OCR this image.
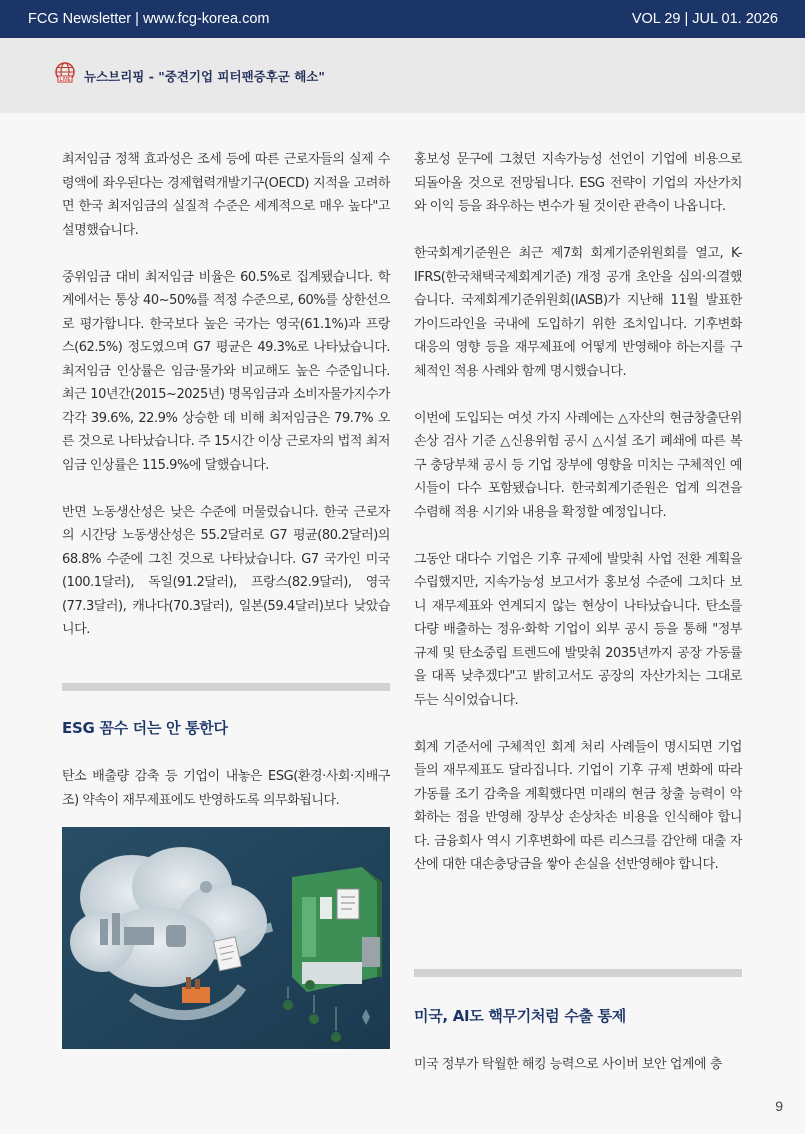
FCG Newsletter | www.fcg-korea.com	VOL 29 | JUL 01. 2026
LIVE 뉴스브리핑 - "중견기업 피터팬증후군 해소"

최저임금 정책 효과성은 조세 등에 따른 근로자들의 실제 수령액에 좌우된다는 경제협력개발기구(OECD) 지적을 고려하면 한국 최저임금의 실질적 수준은 세계적으로 매우 높다"고 설명했습니다.

중위임금 대비 최저임금 비율은 60.5%로 집계됐습니다. 학계에서는 통상 40~50%를 적정 수준으로, 60%를 상한선으로 평가합니다. 한국보다 높은 국가는 영국(61.1%)과 프랑스(62.5%) 정도였으며 G7 평균은 49.3%로 나타났습니다. 최저임금 인상률은 임금·물가와 비교해도 높은 수준입니다. 최근 10년간(2015~2025년) 명목임금과 소비자물가지수가 각각 39.6%, 22.9% 상승한 데 비해 최저임금은 79.7% 오른 것으로 나타났습니다. 주 15시간 이상 근로자의 법적 최저임금 인상률은 115.9%에 달했습니다.

반면 노동생산성은 낮은 수준에 머물렀습니다. 한국 근로자의 시간당 노동생산성은 55.2달러로 G7 평균(80.2달러)의 68.8% 수준에 그친 것으로 나타났습니다. G7 국가인 미국(100.1달러), 독일(91.2달러), 프랑스(82.9달러), 영국(77.3달러), 캐나다(70.3달러), 일본(59.4달러)보다 낮았습니다.

ESG 꼼수 더는 안 통한다

탄소 배출량 감축 등 기업이 내놓은 ESG(환경·사회·지배구조) 약속이 재무제표에도 반영하도록 의무화됩니다.

홍보성 문구에 그쳤던 지속가능성 선언이 기업에 비용으로 되돌아올 것으로 전망됩니다. ESG 전략이 기업의 자산가치와 이익 등을 좌우하는 변수가 될 것이란 관측이 나옵니다.

한국회계기준원은 최근 제7회 회계기준위원회를 열고, K-IFRS(한국채택국제회계기준) 개정 공개 초안을 심의·의결했습니다. 국제회계기준위원회(IASB)가 지난해 11월 발표한 가이드라인을 국내에 도입하기 위한 조치입니다. 기후변화 대응의 영향 등을 재무제표에 어떻게 반영해야 하는지를 구체적인 적용 사례와 함께 명시했습니다.

이번에 도입되는 여섯 가지 사례에는 △자산의 현금창출단위 손상 검사 기준 △신용위험 공시 △시설 조기 폐쇄에 따른 복구 충당부채 공시 등 기업 장부에 영향을 미치는 구체적인 예시들이 다수 포함됐습니다. 한국회계기준원은 업계 의견을 수렴해 적용 시기와 내용을 확정할 예정입니다.

그동안 대다수 기업은 기후 규제에 발맞춰 사업 전환 계획을 수립했지만, 지속가능성 보고서가 홍보성 수준에 그치다 보니 재무제표와 연계되지 않는 현상이 나타났습니다. 탄소를 다량 배출하는 정유·화학 기업이 외부 공시 등을 통해 "정부 규제 및 탄소중립 트렌드에 발맞춰 2035년까지 공장 가동률을 대폭 낮추겠다"고 밝히고서도 공장의 자산가치는 그대로 두는 식이었습니다.

회계 기준서에 구체적인 회계 처리 사례들이 명시되면 기업들의 재무제표도 달라집니다. 기업이 기후 규제 변화에 따라 가동률 조기 감축을 계획했다면 미래의 현금 창출 능력이 악화하는 점을 반영해 장부상 손상차손 비용을 인식해야 합니다. 금융회사 역시 기후변화에 따른 리스크를 감안해 대출 자산에 대한 대손충당금을 쌓아 손실을 선반영해야 합니다.

미국, AI도 핵무기처럼 수출 통제

미국 정부가 탁월한 해킹 능력으로 사이버 보안 업계에 충

9
